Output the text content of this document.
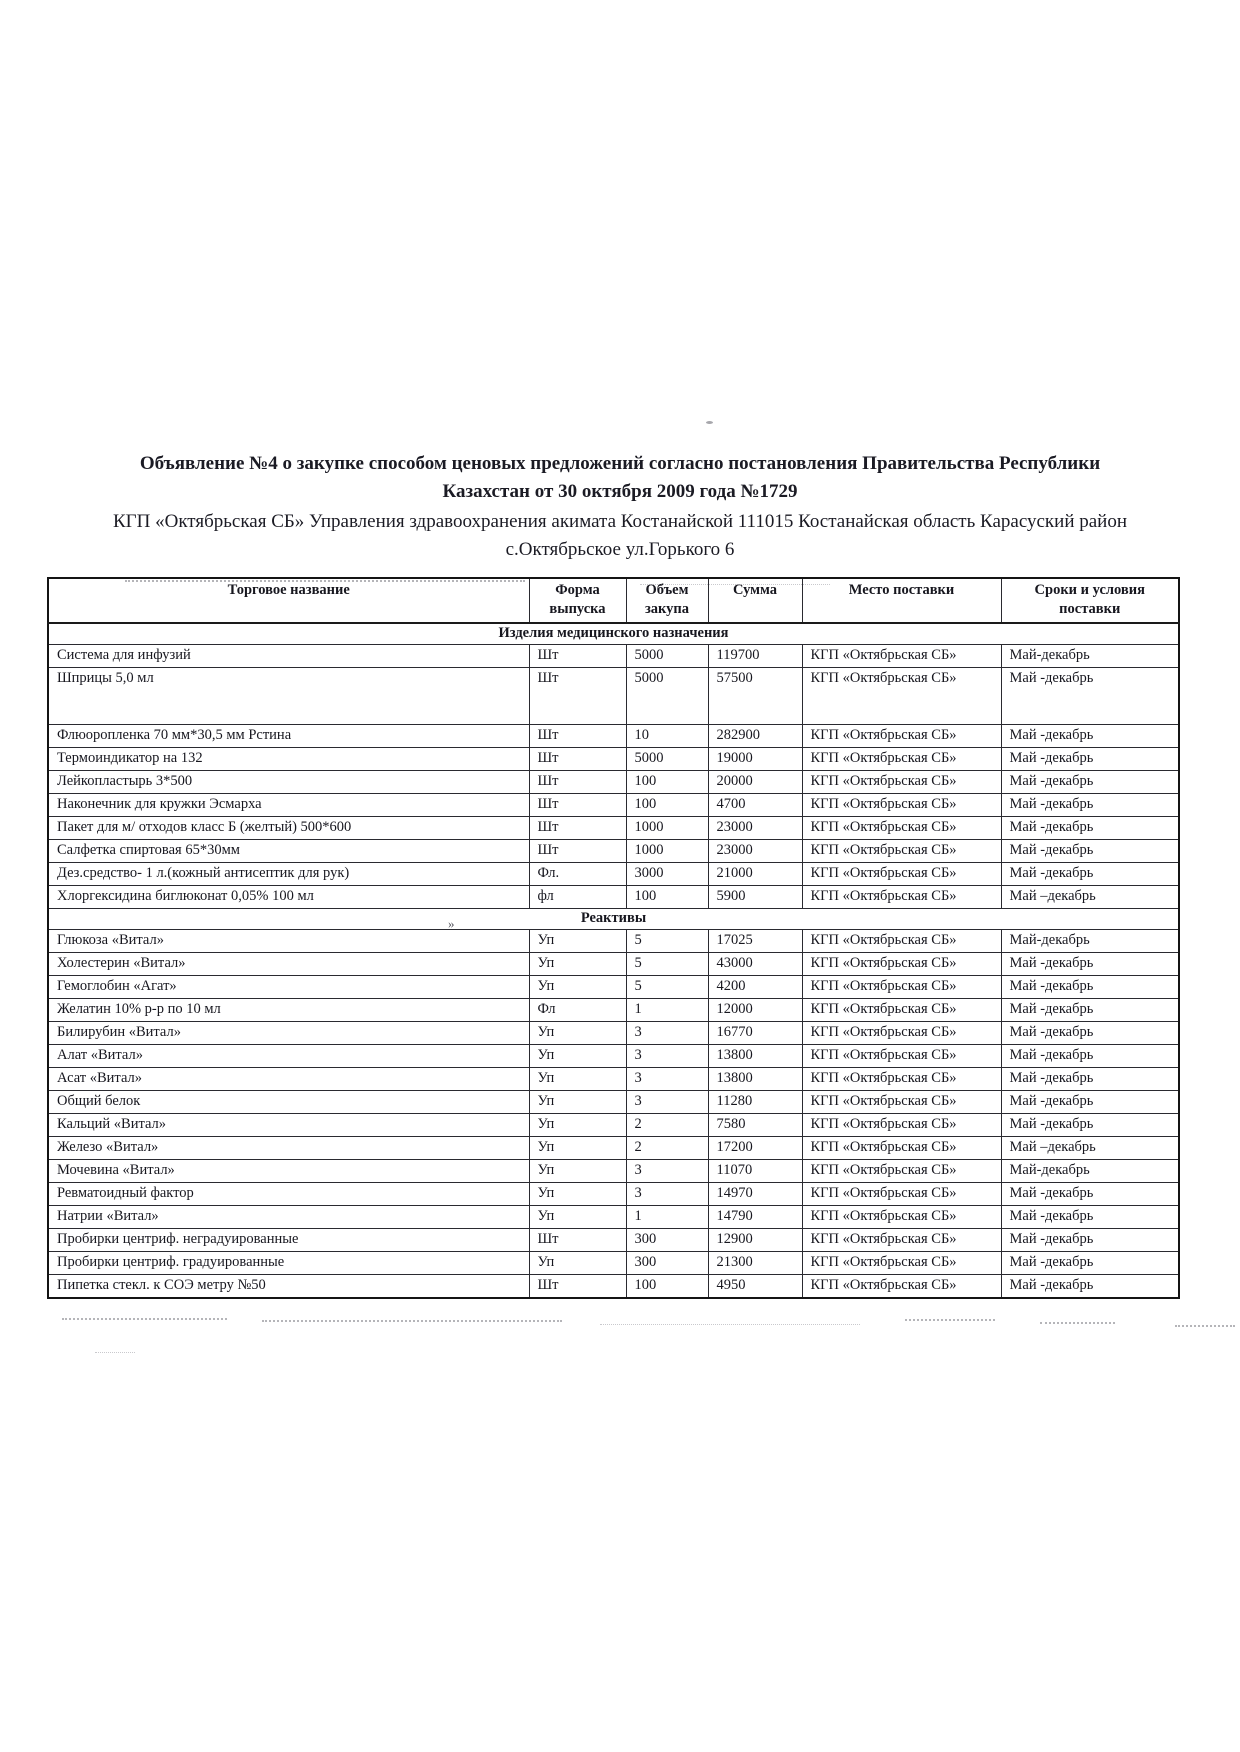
Объявление №4 о закупке способом ценовых предложений согласно постановления Правительства Республики
Казахстан от 30 октября 2009 года №1729
КГП «Октябрьская СБ» Управления здравоохранения акимата Костанайской 111015 Костанайская область Карасуский район
с.Октябрьское ул.Горького 6
Торговое название	Форма выпуска	Объем закупа	Сумма	Место поставки	Сроки и условия поставки
Изделия медицинского назначения					
Система для инфузий	Шт	5000	119700	КГП «Октябрьская СБ»	Май-декабрь
Шприцы 5,0 мл	Шт	5000	57500	КГП «Октябрьская СБ»	Май -декабрь
Флюоропленка 70 мм*30,5 мм Рстина	Шт	10	282900	КГП «Октябрьская СБ»	Май -декабрь
Термоиндикатор на 132	Шт	5000	19000	КГП «Октябрьская СБ»	Май -декабрь
Лейкопластырь 3*500	Шт	100	20000	КГП «Октябрьская СБ»	Май -декабрь
Наконечник для кружки Эсмарха	Шт	100	4700	КГП «Октябрьская СБ»	Май -декабрь
Пакет для м/ отходов класс Б (желтый) 500*600	Шт	1000	23000	КГП «Октябрьская СБ»	Май -декабрь
Салфетка спиртовая 65*30мм	Шт	1000	23000	КГП «Октябрьская СБ»	Май -декабрь
Дез.средство- 1 л.(кожный антисептик для рук)	Фл.	3000	21000	КГП «Октябрьская СБ»	Май -декабрь
Хлоргексидина биглюконат 0,05% 100 мл	фл	100	5900	КГП «Октябрьская СБ»	Май –декабрь
Реактивы					
Глюкоза «Витал»	Уп	5	17025	КГП «Октябрьская СБ»	Май-декабрь
Холестерин «Витал»	Уп	5	43000	КГП «Октябрьская СБ»	Май -декабрь
Гемоглобин «Агат»	Уп	5	4200	КГП «Октябрьская СБ»	Май -декабрь
Желатин 10% р-р по 10 мл	Фл	1	12000	КГП «Октябрьская СБ»	Май -декабрь
Билирубин «Витал»	Уп	3	16770	КГП «Октябрьская СБ»	Май -декабрь
Алат «Витал»	Уп	3	13800	КГП «Октябрьская СБ»	Май -декабрь
Асат «Витал»	Уп	3	13800	КГП «Октябрьская СБ»	Май -декабрь
Общий белок	Уп	3	11280	КГП «Октябрьская СБ»	Май -декабрь
Кальций «Витал»	Уп	2	7580	КГП «Октябрьская СБ»	Май -декабрь
Железо «Витал»	Уп	2	17200	КГП «Октябрьская СБ»	Май –декабрь
Мочевина «Витал»	Уп	3	11070	КГП «Октябрьская СБ»	Май-декабрь
Ревматоидный фактор	Уп	3	14970	КГП «Октябрьская СБ»	Май -декабрь
Натрии «Витал»	Уп	1	14790	КГП «Октябрьская СБ»	Май -декабрь
Пробирки центриф. неградуированные	Шт	300	12900	КГП «Октябрьская СБ»	Май -декабрь
Пробирки центриф. градуированные	Уп	300	21300	КГП «Октябрьская СБ»	Май -декабрь
Пипетка стекл. к СОЭ метру №50	Шт	100	4950	КГП «Октябрьская СБ»	Май -декабрь
»
